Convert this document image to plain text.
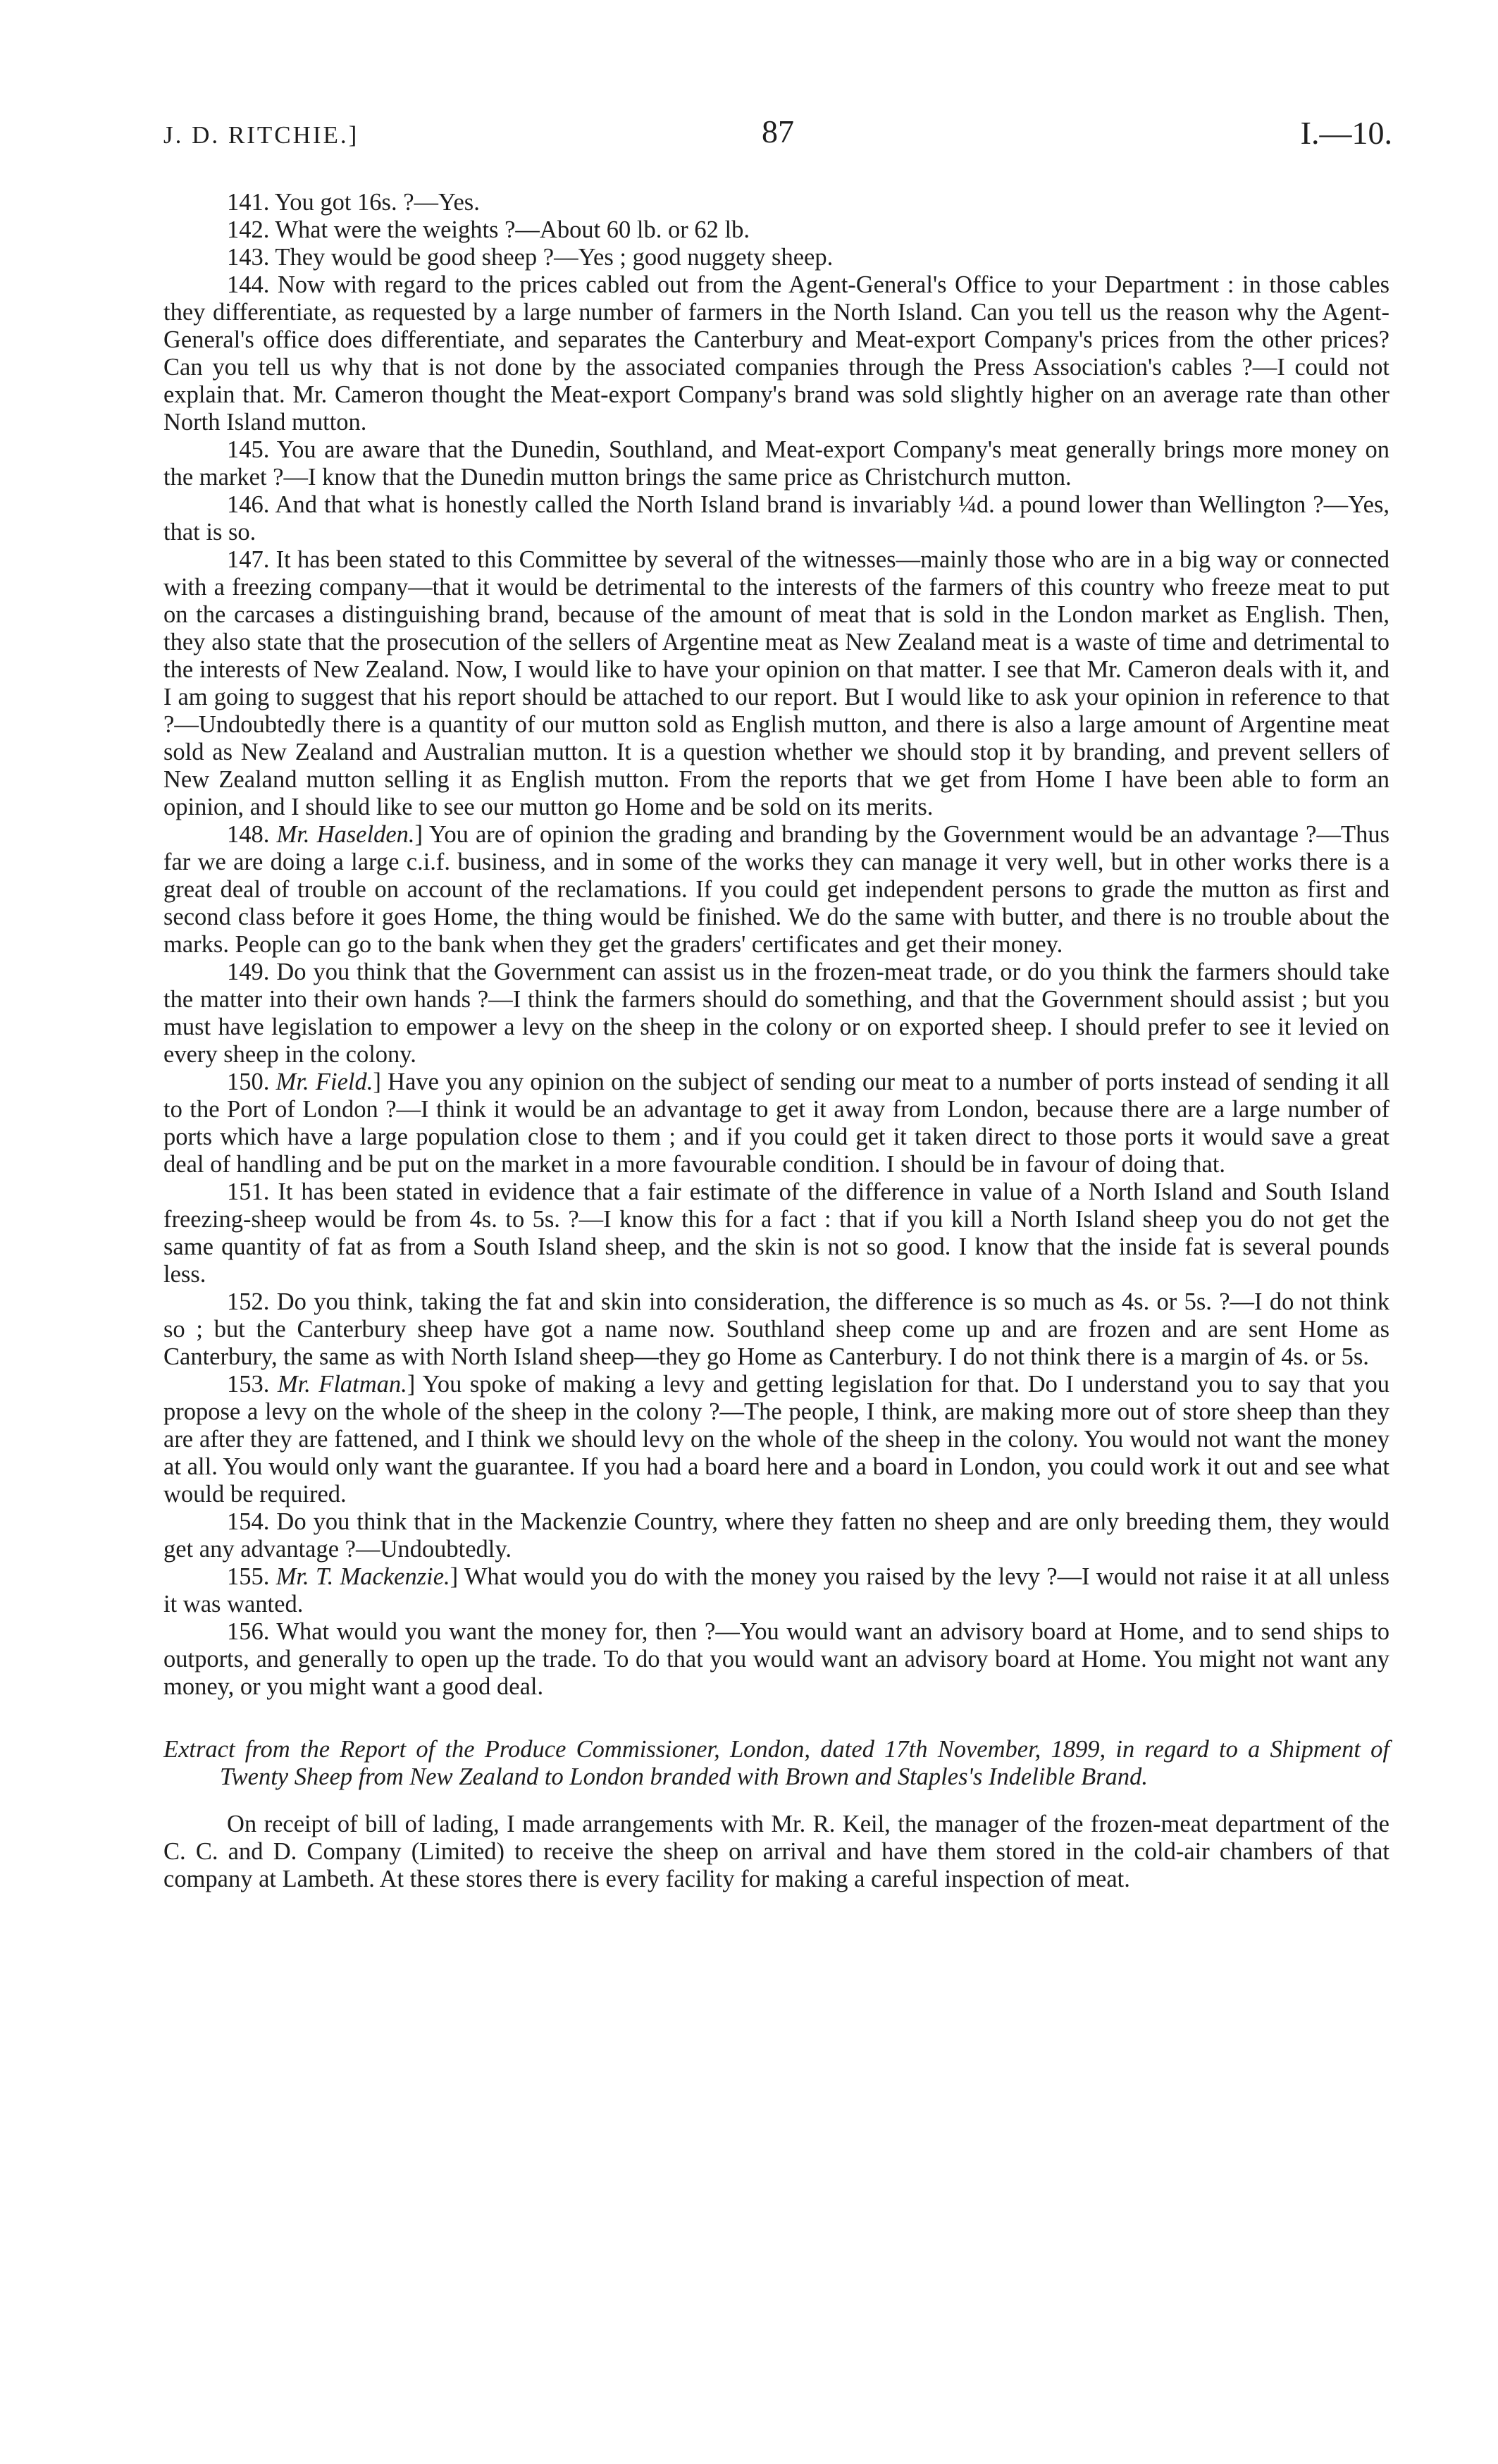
J. D. RITCHIE.]	87	I.—10.

141. You got 16s. ?—Yes.

142. What were the weights ?—About 60 lb. or 62 lb.

143. They would be good sheep ?—Yes ; good nuggety sheep.

144. Now with regard to the prices cabled out from the Agent-General's Office to your Department : in those cables they differentiate, as requested by a large number of farmers in the North Island. Can you tell us the reason why the Agent-General's office does differentiate, and separates the Canterbury and Meat-export Company's prices from the other prices? Can you tell us why that is not done by the associated companies through the Press Association's cables ?—I could not explain that. Mr. Cameron thought the Meat-export Company's brand was sold slightly higher on an average rate than other North Island mutton.

145. You are aware that the Dunedin, Southland, and Meat-export Company's meat generally brings more money on the market ?—I know that the Dunedin mutton brings the same price as Christchurch mutton.

146. And that what is honestly called the North Island brand is invariably ¼d. a pound lower than Wellington ?—Yes, that is so.

147. It has been stated to this Committee by several of the witnesses—mainly those who are in a big way or connected with a freezing company—that it would be detrimental to the interests of the farmers of this country who freeze meat to put on the carcases a distinguishing brand, because of the amount of meat that is sold in the London market as English. Then, they also state that the prosecution of the sellers of Argentine meat as New Zealand meat is a waste of time and detrimental to the interests of New Zealand. Now, I would like to have your opinion on that matter. I see that Mr. Cameron deals with it, and I am going to suggest that his report should be attached to our report. But I would like to ask your opinion in reference to that ?—Undoubtedly there is a quantity of our mutton sold as English mutton, and there is also a large amount of Argentine meat sold as New Zealand and Australian mutton. It is a question whether we should stop it by branding, and prevent sellers of New Zealand mutton selling it as English mutton. From the reports that we get from Home I have been able to form an opinion, and I should like to see our mutton go Home and be sold on its merits.

148. Mr. Haselden.] You are of opinion the grading and branding by the Government would be an advantage ?—Thus far we are doing a large c.i.f. business, and in some of the works they can manage it very well, but in other works there is a great deal of trouble on account of the reclamations. If you could get independent persons to grade the mutton as first and second class before it goes Home, the thing would be finished. We do the same with butter, and there is no trouble about the marks. People can go to the bank when they get the graders' certificates and get their money.

149. Do you think that the Government can assist us in the frozen-meat trade, or do you think the farmers should take the matter into their own hands ?—I think the farmers should do something, and that the Government should assist ; but you must have legislation to empower a levy on the sheep in the colony or on exported sheep. I should prefer to see it levied on every sheep in the colony.

150. Mr. Field.] Have you any opinion on the subject of sending our meat to a number of ports instead of sending it all to the Port of London ?—I think it would be an advantage to get it away from London, because there are a large number of ports which have a large population close to them ; and if you could get it taken direct to those ports it would save a great deal of handling and be put on the market in a more favourable condition. I should be in favour of doing that.

151. It has been stated in evidence that a fair estimate of the difference in value of a North Island and South Island freezing-sheep would be from 4s. to 5s. ?—I know this for a fact : that if you kill a North Island sheep you do not get the same quantity of fat as from a South Island sheep, and the skin is not so good. I know that the inside fat is several pounds less.

152. Do you think, taking the fat and skin into consideration, the difference is so much as 4s. or 5s. ?—I do not think so ; but the Canterbury sheep have got a name now. Southland sheep come up and are frozen and are sent Home as Canterbury, the same as with North Island sheep—they go Home as Canterbury. I do not think there is a margin of 4s. or 5s.

153. Mr. Flatman.] You spoke of making a levy and getting legislation for that. Do I understand you to say that you propose a levy on the whole of the sheep in the colony ?—The people, I think, are making more out of store sheep than they are after they are fattened, and I think we should levy on the whole of the sheep in the colony. You would not want the money at all. You would only want the guarantee. If you had a board here and a board in London, you could work it out and see what would be required.

154. Do you think that in the Mackenzie Country, where they fatten no sheep and are only breeding them, they would get any advantage ?—Undoubtedly.

155. Mr. T. Mackenzie.] What would you do with the money you raised by the levy ?—I would not raise it at all unless it was wanted.

156. What would you want the money for, then ?—You would want an advisory board at Home, and to send ships to outports, and generally to open up the trade. To do that you would want an advisory board at Home. You might not want any money, or you might want a good deal.

Extract from the Report of the Produce Commissioner, London, dated 17th November, 1899, in regard to a Shipment of Twenty Sheep from New Zealand to London branded with Brown and Staples's Indelible Brand.

On receipt of bill of lading, I made arrangements with Mr. R. Keil, the manager of the frozen-meat department of the C. C. and D. Company (Limited) to receive the sheep on arrival and have them stored in the cold-air chambers of that company at Lambeth. At these stores there is every facility for making a careful inspection of meat.
